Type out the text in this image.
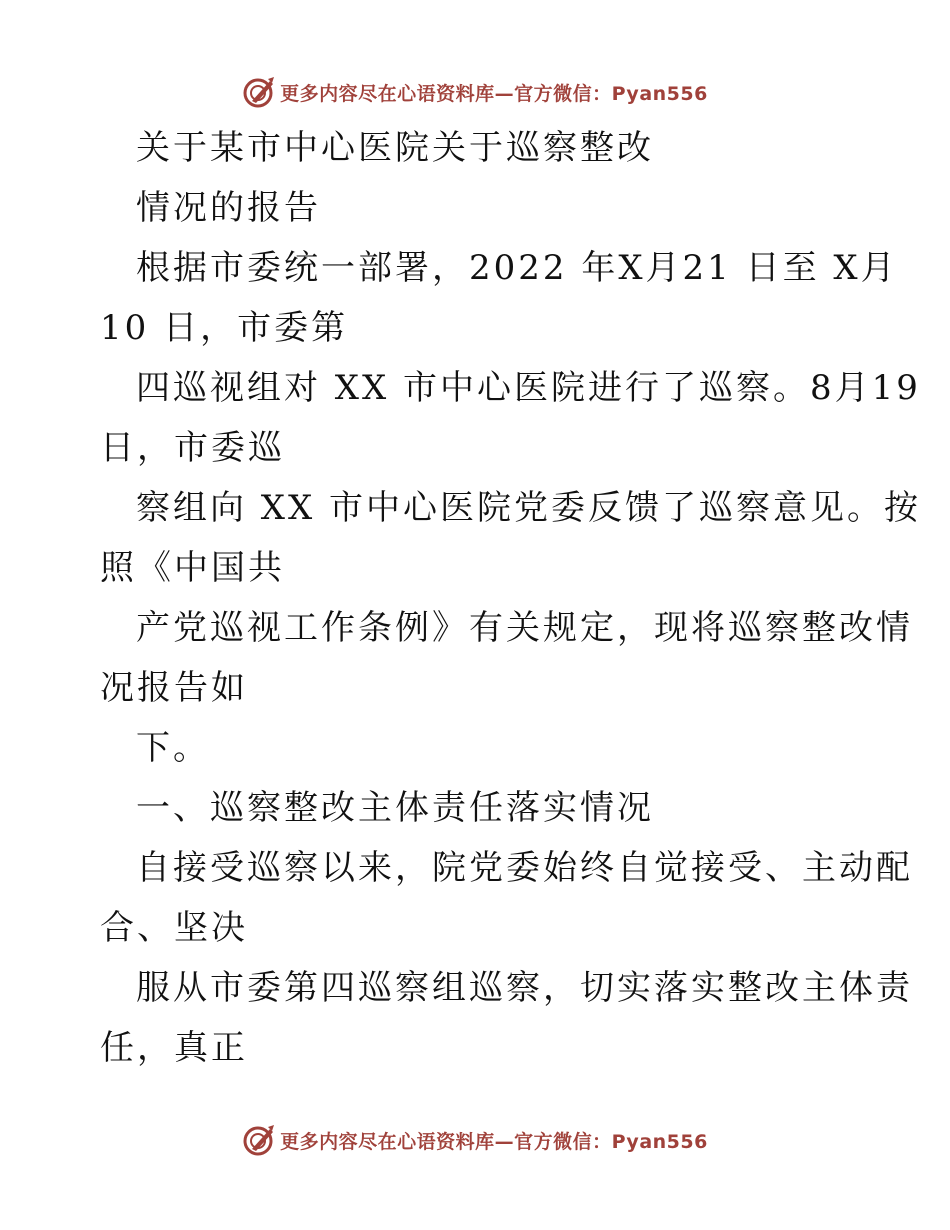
更多内容尽在心语资料库—官方微信：Pyan556
关于某市中心医院关于巡察整改
情况的报告
根据市委统一部署，2022 年X月21 日至 X月
10 日，市委第
四巡视组对 XX 市中心医院进行了巡察。8月19
日，市委巡
察组向 XX 市中心医院党委反馈了巡察意见。按
照《中国共
产党巡视工作条例》有关规定，现将巡察整改情
况报告如
下。
一、巡察整改主体责任落实情况
自接受巡察以来，院党委始终自觉接受、主动配
合、坚决
服从市委第四巡察组巡察，切实落实整改主体责
任，真正
更多内容尽在心语资料库—官方微信：Pyan556
